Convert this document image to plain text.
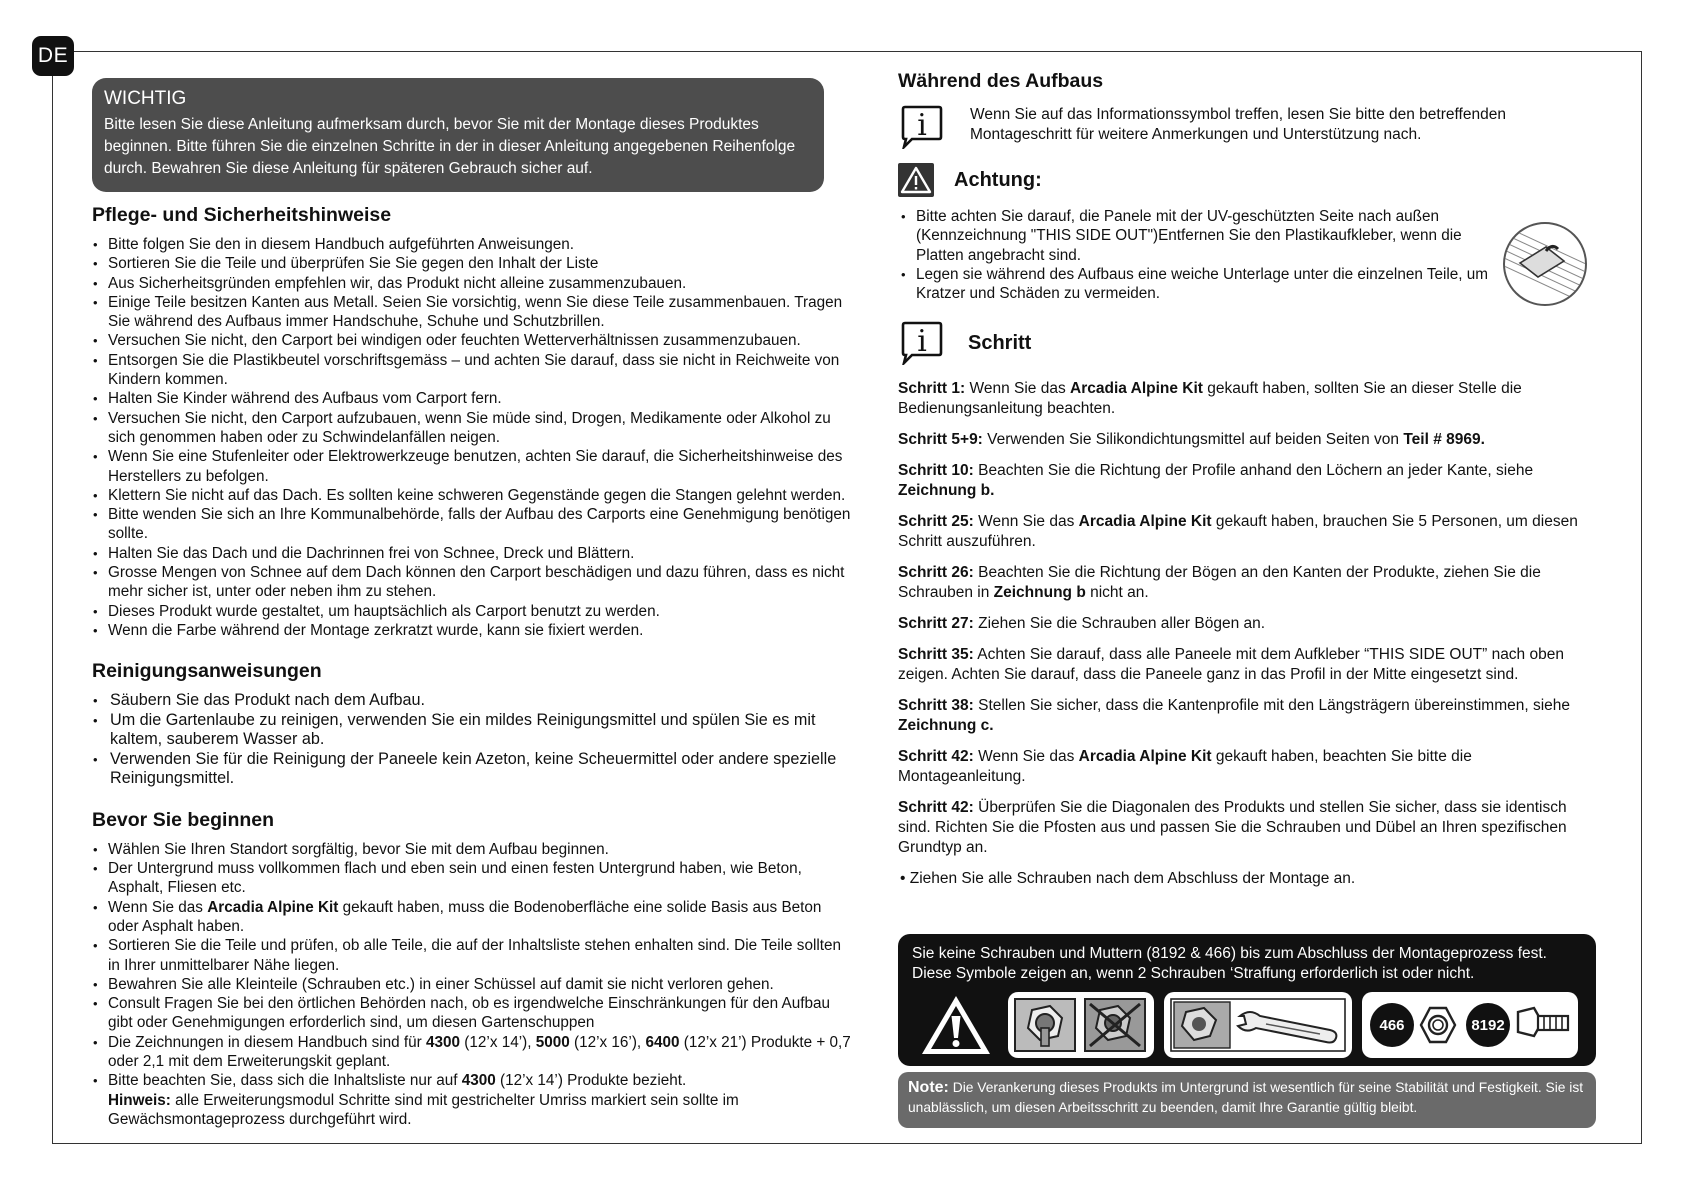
DE
WICHTIG
Bitte lesen Sie diese Anleitung aufmerksam durch, bevor Sie mit der Montage dieses Produktes beginnen. Bitte führen Sie die einzelnen Schritte in der in dieser Anleitung angegebenen Reihenfolge durch. Bewahren Sie diese Anleitung für späteren Gebrauch sicher auf.
Pflege- und Sicherheitshinweise
• Bitte folgen Sie den in diesem Handbuch aufgeführten Anweisungen.
• Sortieren Sie die Teile und überprüfen Sie Sie gegen den Inhalt der Liste
• Aus Sicherheitsgründen empfehlen wir, das Produkt nicht alleine zusammenzubauen.
• Einige Teile besitzen Kanten aus Metall. Seien Sie vorsichtig, wenn Sie diese Teile zusammenbauen. Tragen Sie während des Aufbaus immer Handschuhe, Schuhe und Schutzbrillen.
• Versuchen Sie nicht, den Carport bei windigen oder feuchten Wetterverhältnissen zusammenzubauen.
• Entsorgen Sie die Plastikbeutel vorschriftsgemäss – und achten Sie darauf, dass sie nicht in Reichweite von Kindern kommen.
• Halten Sie Kinder während des Aufbaus vom Carport fern.
• Versuchen Sie nicht, den Carport aufzubauen, wenn Sie müde sind, Drogen, Medikamente oder Alkohol zu sich genommen haben oder zu Schwindelanfällen neigen.
• Wenn Sie eine Stufenleiter oder Elektrowerkzeuge benutzen, achten Sie darauf, die Sicherheitshinweise des Herstellers zu befolgen.
• Klettern Sie nicht auf das Dach. Es sollten keine schweren Gegenstände gegen die Stangen gelehnt werden.
• Bitte wenden Sie sich an Ihre Kommunalbehörde, falls der Aufbau des Carports eine Genehmigung benötigen sollte.
• Halten Sie das Dach und die Dachrinnen frei von Schnee, Dreck und Blättern.
• Grosse Mengen von Schnee auf dem Dach können den Carport beschädigen und dazu führen, dass es nicht mehr sicher ist, unter oder neben ihm zu stehen.
• Dieses Produkt wurde gestaltet, um hauptsächlich als Carport benutzt zu werden.
• Wenn die Farbe während der Montage zerkratzt wurde, kann sie fixiert werden.
Reinigungsanweisungen
• Säubern Sie das Produkt nach dem Aufbau.
• Um die Gartenlaube zu reinigen, verwenden Sie ein mildes Reinigungsmittel und spülen Sie es mit kaltem, sauberem Wasser ab.
• Verwenden Sie für die Reinigung der Paneele kein Azeton, keine Scheuermittel oder andere spezielle Reinigungsmittel.
Bevor Sie beginnen
• Wählen Sie Ihren Standort sorgfältig, bevor Sie mit dem Aufbau beginnen.
• Der Untergrund muss vollkommen flach und eben sein und einen festen Untergrund haben, wie Beton, Asphalt, Fliesen etc.
• Wenn Sie das Arcadia Alpine Kit gekauft haben, muss die Bodenoberfläche eine solide Basis aus Beton oder Asphalt haben.
• Sortieren Sie die Teile und prüfen, ob alle Teile, die auf der Inhaltsliste stehen enhalten sind. Die Teile sollten in Ihrer unmittelbarer Nähe liegen.
• Bewahren Sie alle Kleinteile (Schrauben etc.) in einer Schüssel auf damit sie nicht verloren gehen.
• Consult Fragen Sie bei den örtlichen Behörden nach, ob es irgendwelche Einschränkungen für den Aufbau gibt oder Genehmigungen erforderlich sind, um diesen Gartenschuppen
• Die Zeichnungen in diesem Handbuch sind für 4300 (12’x 14’), 5000 (12’x 16’), 6400 (12’x 21’) Produkte + 0,7 oder 2,1 mit dem Erweiterungskit geplant.
• Bitte beachten Sie, dass sich die Inhaltsliste nur auf 4300 (12’x 14’) Produkte bezieht.
Hinweis: alle Erweiterungsmodul Schritte sind mit gestrichelter Umriss markiert sein sollte im Gewächsmontageprozess durchgeführt wird.
Während des Aufbaus
i	Wenn Sie auf das Informationssymbol treffen, lesen Sie bitte den betreffenden Montageschritt für weitere Anmerkungen und Unterstützung nach.
Achtung:
• Bitte achten Sie darauf, die Panele mit der UV-geschützten Seite nach außen (Kennzeichnung "THIS SIDE OUT")Entfernen Sie den Plastikaufkleber, wenn die Platten angebracht sind.
• Legen sie während des Aufbaus eine weiche Unterlage unter die einzelnen Teile, um Kratzer und Schäden zu vermeiden.
i Schritt
Schritt 1: Wenn Sie das Arcadia Alpine Kit gekauft haben, sollten Sie an dieser Stelle die Bedienungsanleitung beachten.
Schritt 5+9: Verwenden Sie Silikondichtungsmittel auf beiden Seiten von Teil # 8969.
Schritt 10: Beachten Sie die Richtung der Profile anhand den Löchern an jeder Kante, siehe Zeichnung b.
Schritt 25: Wenn Sie das Arcadia Alpine Kit gekauft haben, brauchen Sie 5 Personen, um diesen Schritt auszuführen.
Schritt 26: Beachten Sie die Richtung der Bögen an den Kanten der Produkte, ziehen Sie die Schrauben in Zeichnung b nicht an.
Schritt 27: Ziehen Sie die Schrauben aller Bögen an.
Schritt 35: Achten Sie darauf, dass alle Paneele mit dem Aufkleber “THIS SIDE OUT” nach oben zeigen. Achten Sie darauf, dass die Paneele ganz in das Profil in der Mitte eingesetzt sind.
Schritt 38: Stellen Sie sicher, dass die Kantenprofile mit den Längsträgern übereinstimmen, siehe Zeichnung c.
Schritt 42: Wenn Sie das Arcadia Alpine Kit gekauft haben, beachten Sie bitte die Montageanleitung.
Schritt 42: Überprüfen Sie die Diagonalen des Produkts und stellen Sie sicher, dass sie identisch sind. Richten Sie die Pfosten aus und passen Sie die Schrauben und Dübel an Ihren spezifischen Grundtyp an.
• Ziehen Sie alle Schrauben nach dem Abschluss der Montage an.
Sie keine Schrauben und Muttern (8192 & 466) bis zum Abschluss der Montageprozess fest. Diese Symbole zeigen an, wenn 2 Schrauben ‘Straffung erforderlich ist oder nicht.
466	8192
Note: Die Verankerung dieses Produkts im Untergrund ist wesentlich für seine Stabilität und Festigkeit. Sie ist unablässlich, um diesen Arbeitsschritt zu beenden, damit Ihre Garantie gültig bleibt.
